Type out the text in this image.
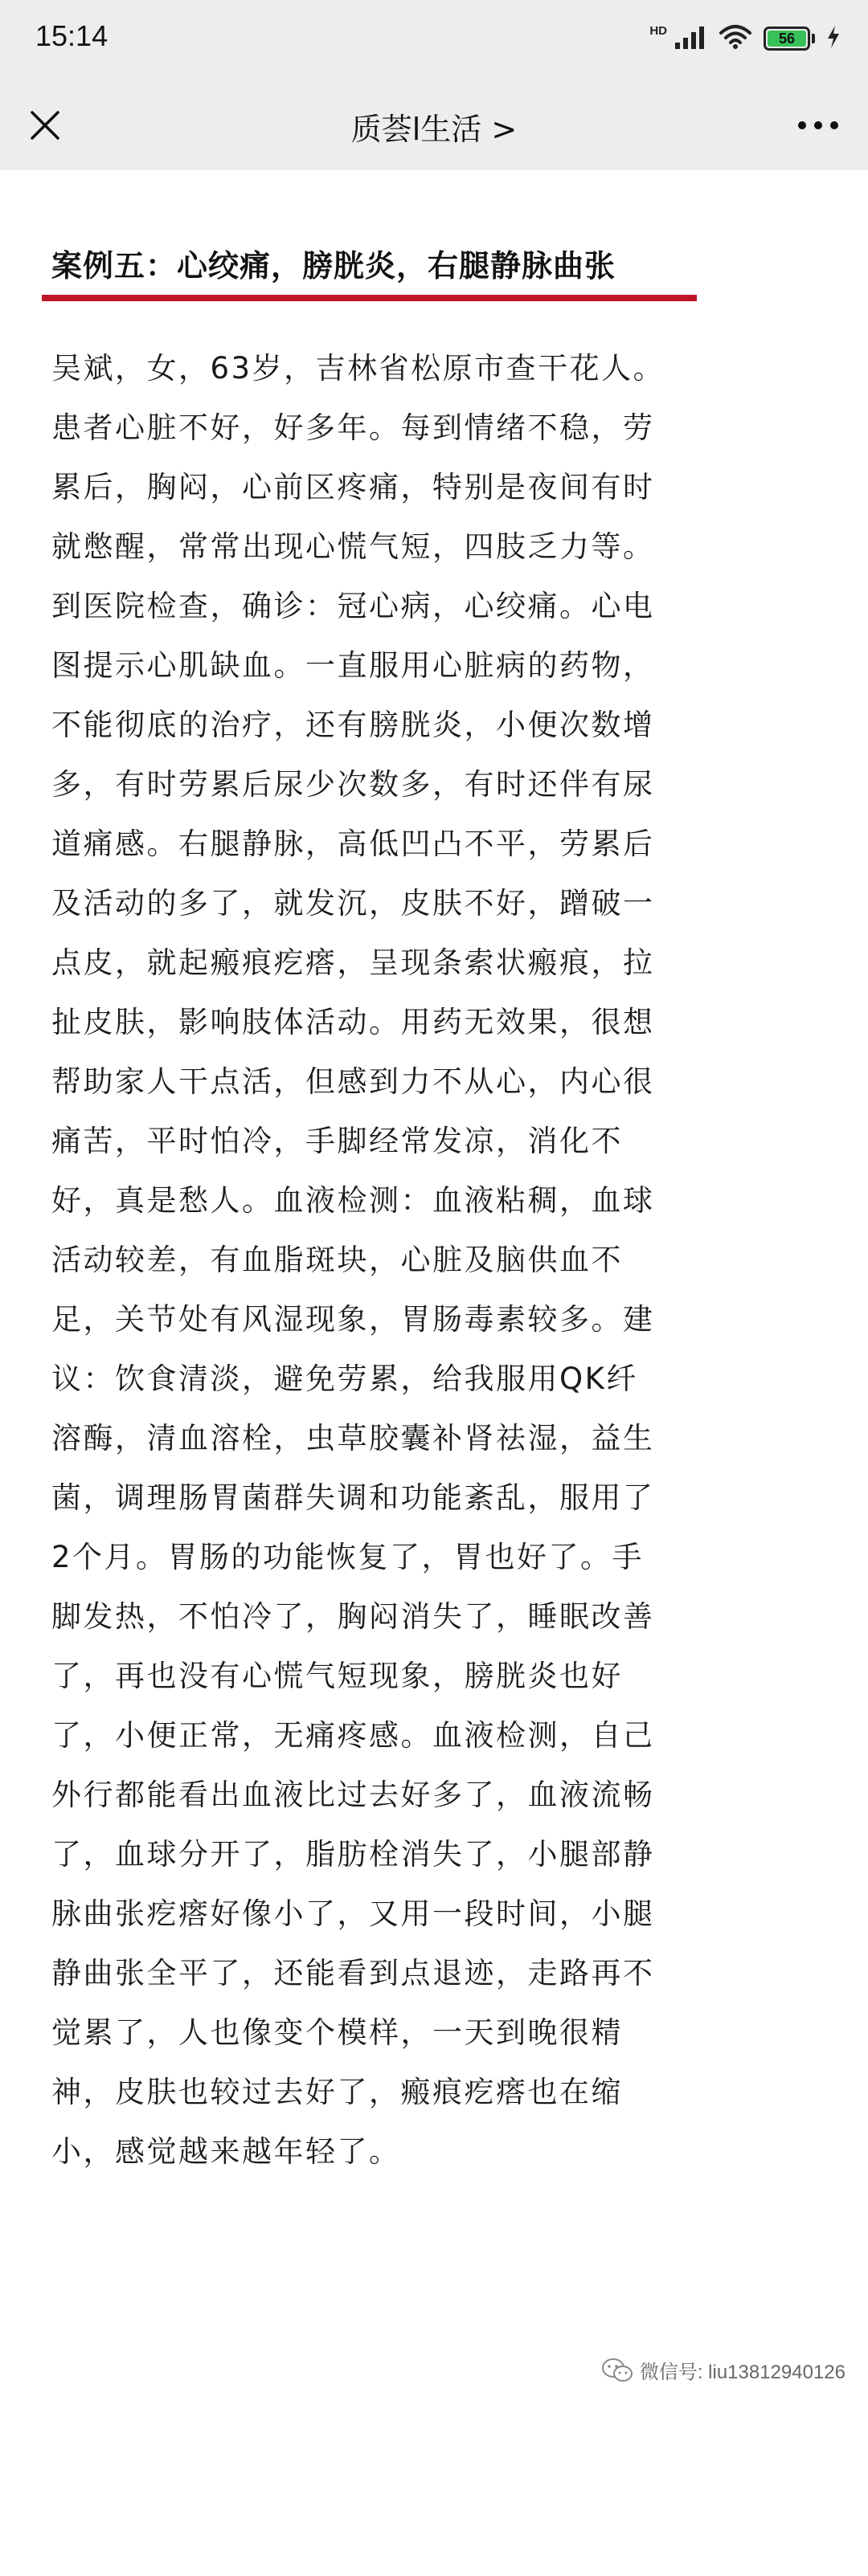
15:14	HD	56
质荟l生活 >
案例五：心绞痛，膀胱炎，右腿静脉曲张

吴斌，女，63岁，吉林省松原市查干花人。
患者心脏不好，好多年。每到情绪不稳，劳
累后，胸闷，心前区疼痛，特别是夜间有时
就憋醒，常常出现心慌气短，四肢乏力等。
到医院检查，确诊：冠心病，心绞痛。心电
图提示心肌缺血。一直服用心脏病的药物，
不能彻底的治疗，还有膀胱炎，小便次数增
多，有时劳累后尿少次数多，有时还伴有尿
道痛感。右腿静脉，高低凹凸不平，劳累后
及活动的多了，就发沉，皮肤不好，蹭破一
点皮，就起瘢痕疙瘩，呈现条索状瘢痕，拉
扯皮肤，影响肢体活动。用药无效果，很想
帮助家人干点活，但感到力不从心，内心很
痛苦，平时怕冷，手脚经常发凉，消化不
好，真是愁人。血液检测：血液粘稠，血球
活动较差，有血脂斑块，心脏及脑供血不
足，关节处有风湿现象，胃肠毒素较多。建
议：饮食清淡，避免劳累，给我服用QK纤
溶酶，清血溶栓，虫草胶囊补肾祛湿，益生
菌，调理肠胃菌群失调和功能紊乱，服用了
2个月。胃肠的功能恢复了，胃也好了。手
脚发热，不怕冷了，胸闷消失了，睡眠改善
了，再也没有心慌气短现象，膀胱炎也好
了，小便正常，无痛疼感。血液检测，自己
外行都能看出血液比过去好多了，血液流畅
了，血球分开了，脂肪栓消失了，小腿部静
脉曲张疙瘩好像小了，又用一段时间，小腿
静曲张全平了，还能看到点退迹，走路再不
觉累了，人也像变个模样，一天到晚很精
神，皮肤也较过去好了，瘢痕疙瘩也在缩
小，感觉越来越年轻了。

微信号: liu13812940126
